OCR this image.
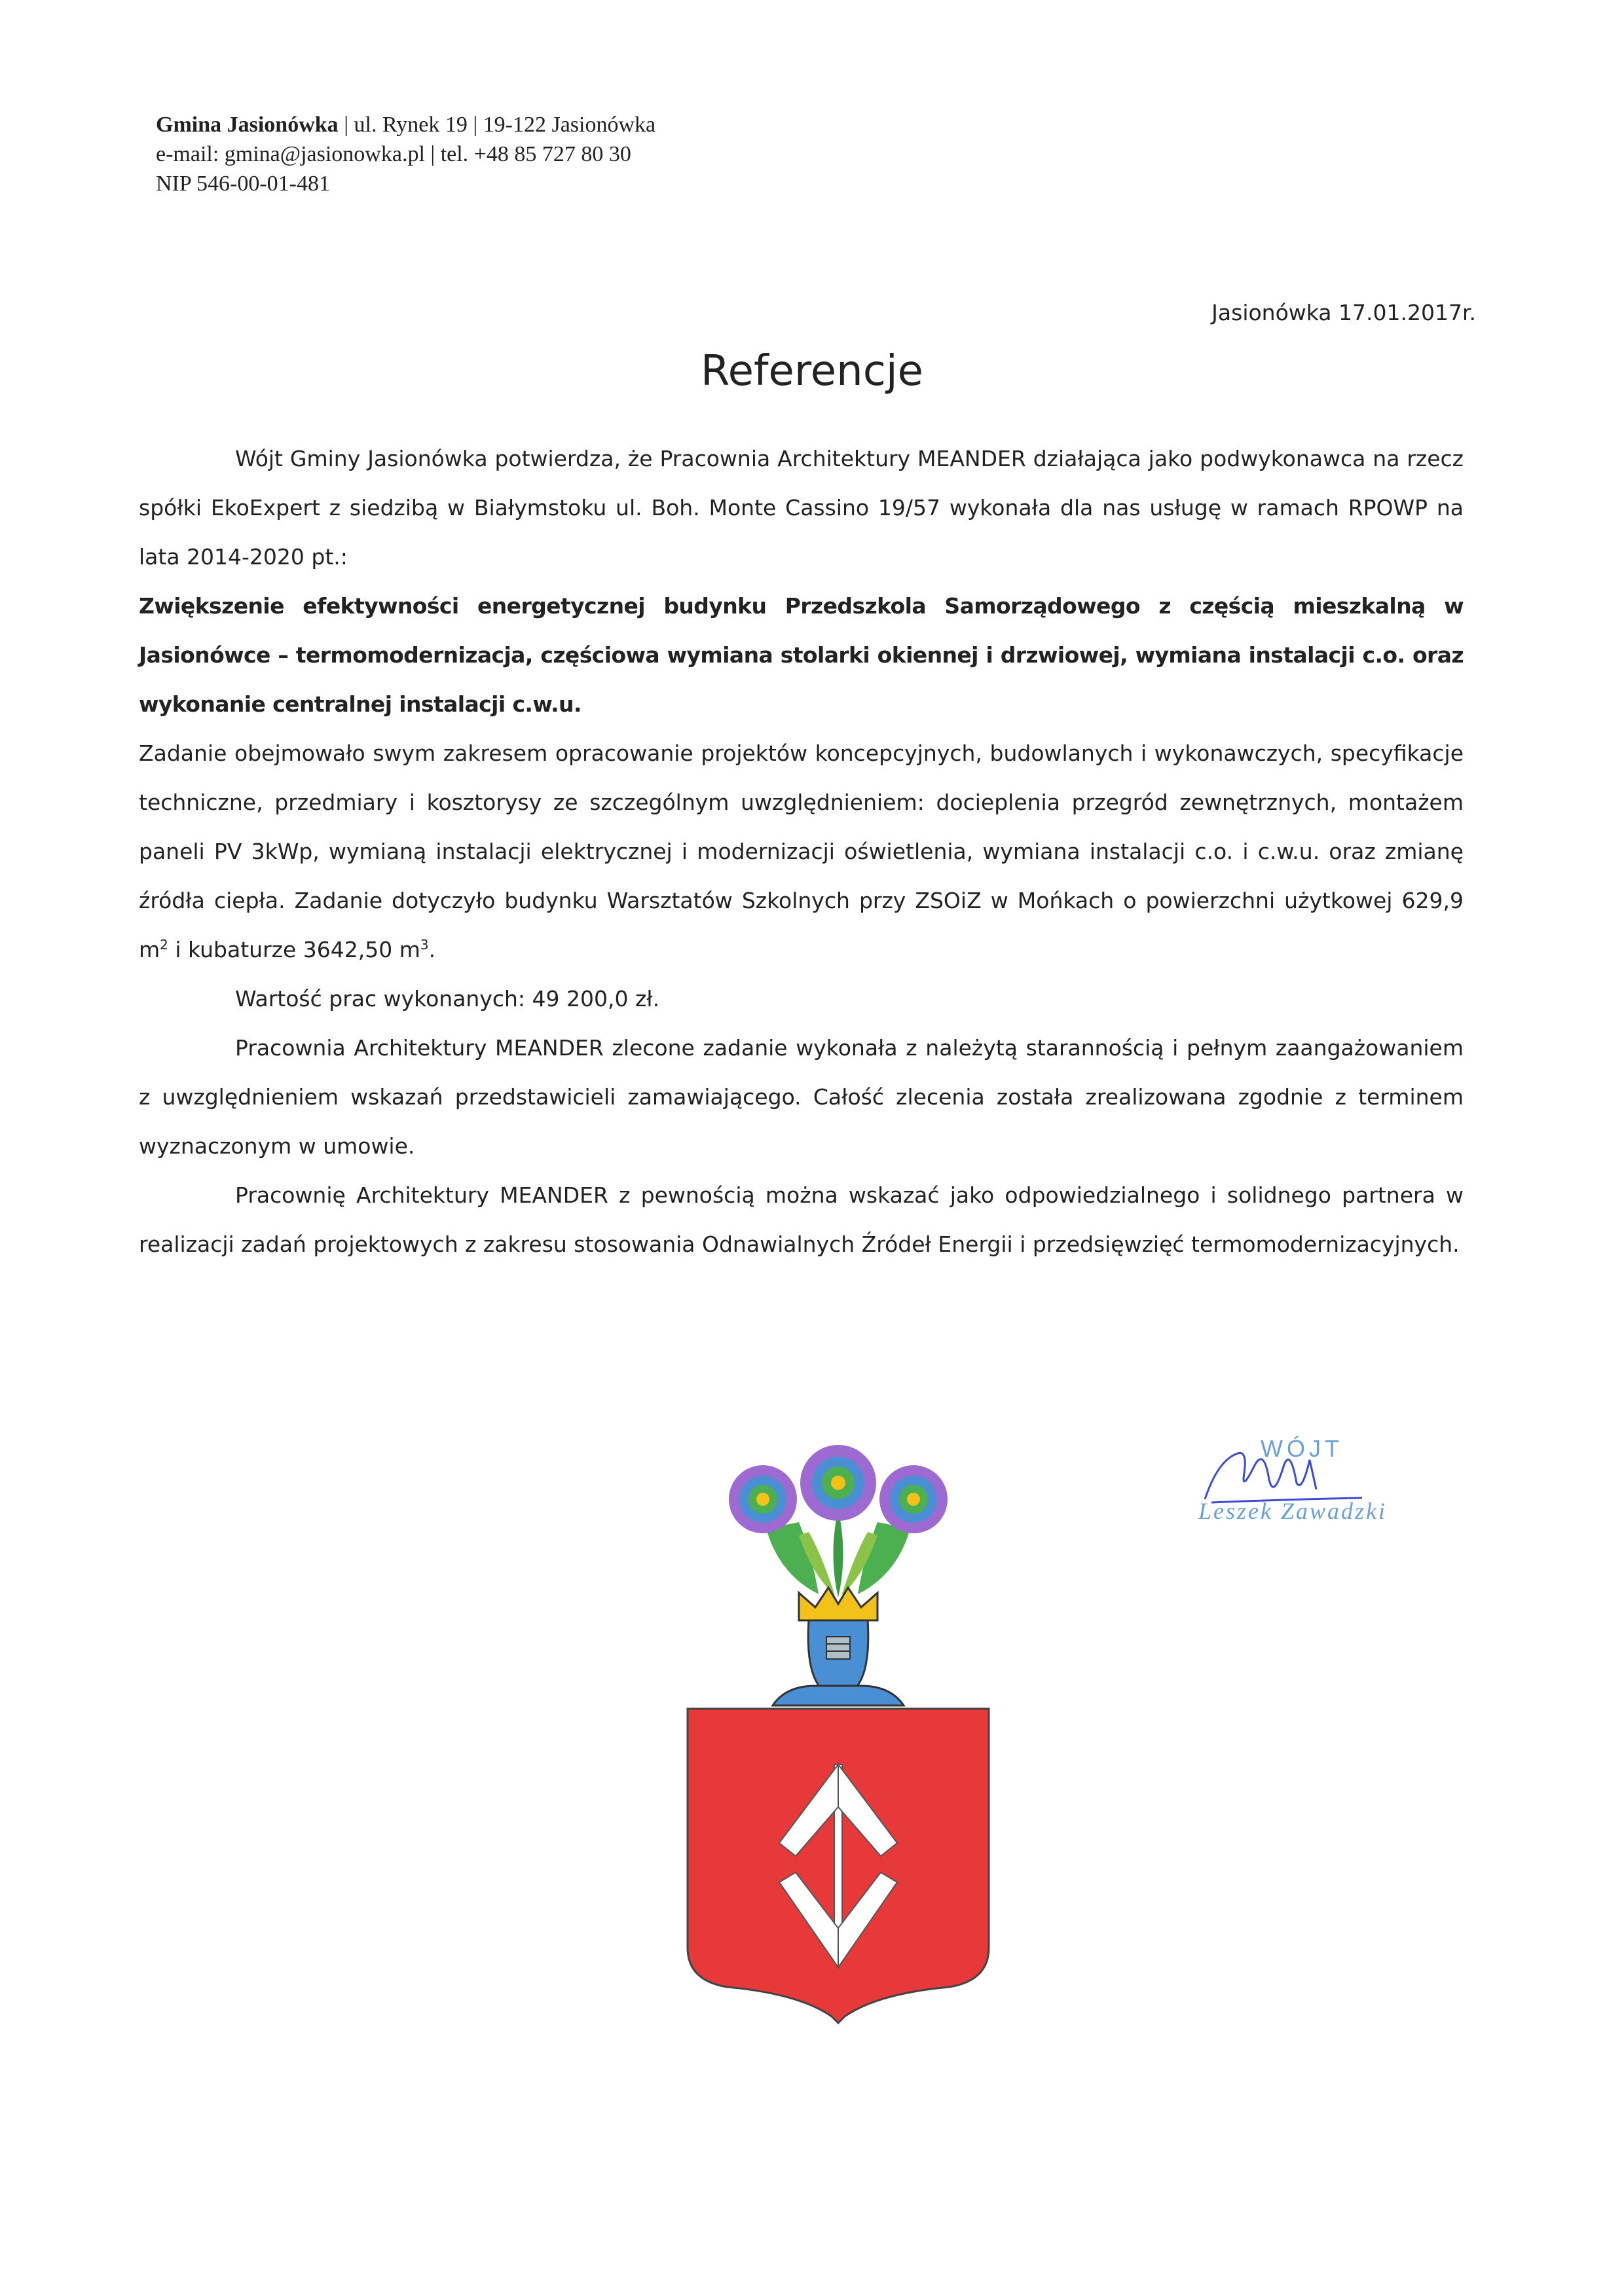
Gmina Jasionówka | ul. Rynek 19 | 19-122 Jasionówka
e-mail: gmina@jasionowka.pl | tel. +48 85 727 80 30
NIP 546-00-01-481
Jasionówka 17.01.2017r.
Referencje

Wójt Gminy Jasionówka potwierdza, że Pracownia Architektury MEANDER działająca jako podwykonawca na rzecz spółki EkoExpert z siedzibą w Białymstoku ul. Boh. Monte Cassino 19/57 wykonała dla nas usługę w ramach RPOWP na lata 2014-2020 pt.:

Zwiększenie efektywności energetycznej budynku Przedszkola Samorządowego z częścią mieszkalną w Jasionówce – termomodernizacja, częściowa wymiana stolarki okiennej i drzwiowej, wymiana instalacji c.o. oraz wykonanie centralnej instalacji c.w.u.

Zadanie obejmowało swym zakresem opracowanie projektów koncepcyjnych, budowlanych i wykonawczych, specyfikacje techniczne, przedmiary i kosztorysy ze szczególnym uwzględnieniem: docieplenia przegród zewnętrznych, montażem paneli PV 3kWp, wymianą instalacji elektrycznej i modernizacji oświetlenia, wymiana instalacji c.o. i c.w.u. oraz zmianę źródła ciepła. Zadanie dotyczyło budynku Warsztatów Szkolnych przy ZSOiZ w Mońkach o powierzchni użytkowej 629,9 $m^2$ i kubaturze 3642,50 $m^3$.

Wartość prac wykonanych: 49 200,0 zł.

Pracownia Architektury MEANDER zlecone zadanie wykonała z należytą starannością i pełnym zaangażowaniem z uwzględnieniem wskazań przedstawicieli zamawiającego. Całość zlecenia została zrealizowana zgodnie z terminem wyznaczonym w umowie.

Pracownię Architektury MEANDER z pewnością można wskazać jako odpowiedzialnego i solidnego partnera w realizacji zadań projektowych z zakresu stosowania Odnawialnych Źródeł Energii i przedsięwzięć termomodernizacyjnych.

WÓJT
Leszek Zawadzki
